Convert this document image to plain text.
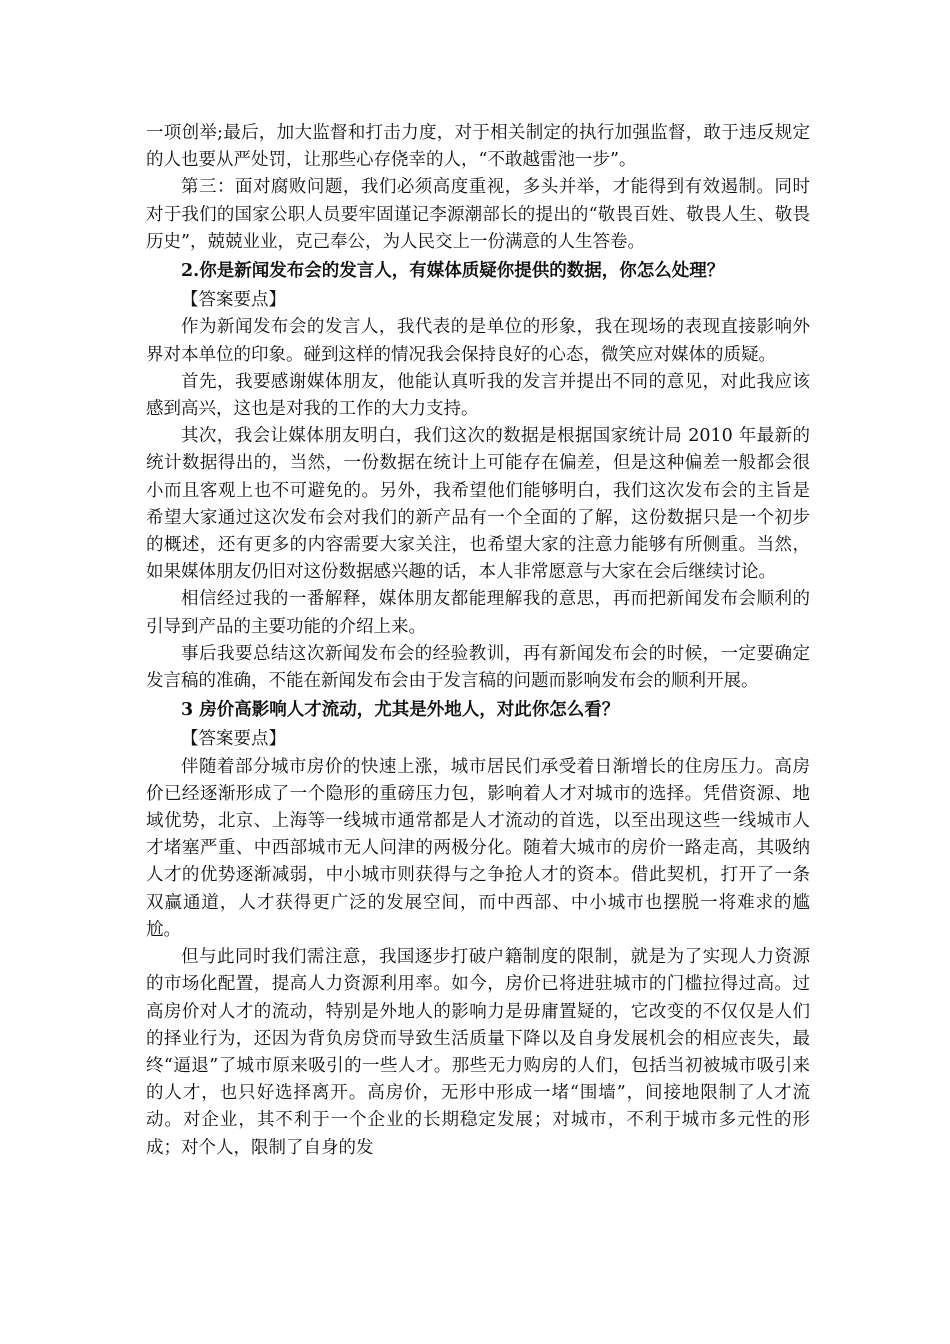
一项创举;最后，加大监督和打击力度，对于相关制定的执行加强监督，敢于违反规定的人也要从严处罚，让那些心存侥幸的人，“不敢越雷池一步”。

第三：面对腐败问题，我们必须高度重视，多头并举，才能得到有效遏制。同时对于我们的国家公职人员要牢固谨记李源潮部长的提出的“敬畏百姓、敬畏人生、敬畏历史”，兢兢业业，克己奉公，为人民交上一份满意的人生答卷。

2.你是新闻发布会的发言人，有媒体质疑你提供的数据，你怎么处理？

【答案要点】

作为新闻发布会的发言人，我代表的是单位的形象，我在现场的表现直接影响外界对本单位的印象。碰到这样的情况我会保持良好的心态，微笑应对媒体的质疑。

首先，我要感谢媒体朋友，他能认真听我的发言并提出不同的意见，对此我应该感到高兴，这也是对我的工作的大力支持。

其次，我会让媒体朋友明白，我们这次的数据是根据国家统计局 2010 年最新的统计数据得出的，当然，一份数据在统计上可能存在偏差，但是这种偏差一般都会很小而且客观上也不可避免的。另外，我希望他们能够明白，我们这次发布会的主旨是希望大家通过这次发布会对我们的新产品有一个全面的了解，这份数据只是一个初步的概述，还有更多的内容需要大家关注，也希望大家的注意力能够有所侧重。当然，如果媒体朋友仍旧对这份数据感兴趣的话，本人非常愿意与大家在会后继续讨论。

相信经过我的一番解释，媒体朋友都能理解我的意思，再而把新闻发布会顺利的引导到产品的主要功能的介绍上来。

事后我要总结这次新闻发布会的经验教训，再有新闻发布会的时候，一定要确定发言稿的准确，不能在新闻发布会由于发言稿的问题而影响发布会的顺利开展。

3 房价高影响人才流动，尤其是外地人，对此你怎么看？

【答案要点】

伴随着部分城市房价的快速上涨，城市居民们承受着日渐增长的住房压力。高房价已经逐渐形成了一个隐形的重磅压力包，影响着人才对城市的选择。凭借资源、地域优势，北京、上海等一线城市通常都是人才流动的首选，以至出现这些一线城市人才堵塞严重、中西部城市无人问津的两极分化。随着大城市的房价一路走高，其吸纳人才的优势逐渐减弱，中小城市则获得与之争抢人才的资本。借此契机，打开了一条双赢通道，人才获得更广泛的发展空间，而中西部、中小城市也摆脱一将难求的尴尬。

但与此同时我们需注意，我国逐步打破户籍制度的限制，就是为了实现人力资源的市场化配置，提高人力资源利用率。如今，房价已将进驻城市的门槛拉得过高。过高房价对人才的流动，特别是外地人的影响力是毋庸置疑的，它改变的不仅仅是人们的择业行为，还因为背负房贷而导致生活质量下降以及自身发展机会的相应丧失，最终“逼退”了城市原来吸引的一些人才。那些无力购房的人们，包括当初被城市吸引来的人才，也只好选择离开。高房价，无形中形成一堵“围墙”，间接地限制了人才流动。对企业，其不利于一个企业的长期稳定发展；对城市，不利于城市多元性的形成；对个人，限制了自身的发
